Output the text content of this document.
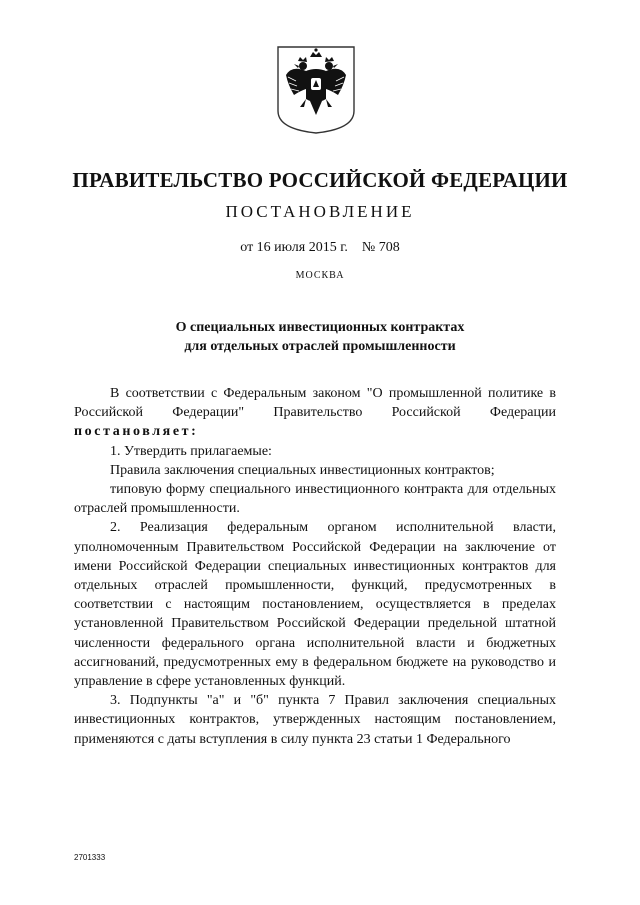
ПРАВИТЕЛЬСТВО РОССИЙСКОЙ ФЕДЕРАЦИИ
ПОСТАНОВЛЕНИЕ
от 16 июля 2015 г. № 708
МОСКВА
О специальных инвестиционных контрактах
для отдельных отраслей промышленности

В соответствии с Федеральным законом "О промышленной политике в Российской Федерации" Правительство Российской Федерации постановляет:

1. Утвердить прилагаемые:

Правила заключения специальных инвестиционных контрактов;

типовую форму специального инвестиционного контракта для отдельных отраслей промышленности.

2. Реализация федеральным органом исполнительной власти, уполномоченным Правительством Российской Федерации на заключение от имени Российской Федерации специальных инвестиционных контрактов для отдельных отраслей промышленности, функций, предусмотренных в соответствии с настоящим постановлением, осуществляется в пределах установленной Правительством Российской Федерации предельной штатной численности федерального органа исполнительной власти и бюджетных ассигнований, предусмотренных ему в федеральном бюджете на руководство и управление в сфере установленных функций.

3. Подпункты "а" и "б" пункта 7 Правил заключения специальных инвестиционных контрактов, утвержденных настоящим постановлением, применяются с даты вступления в силу пункта 23 статьи 1 Федерального

2701333
